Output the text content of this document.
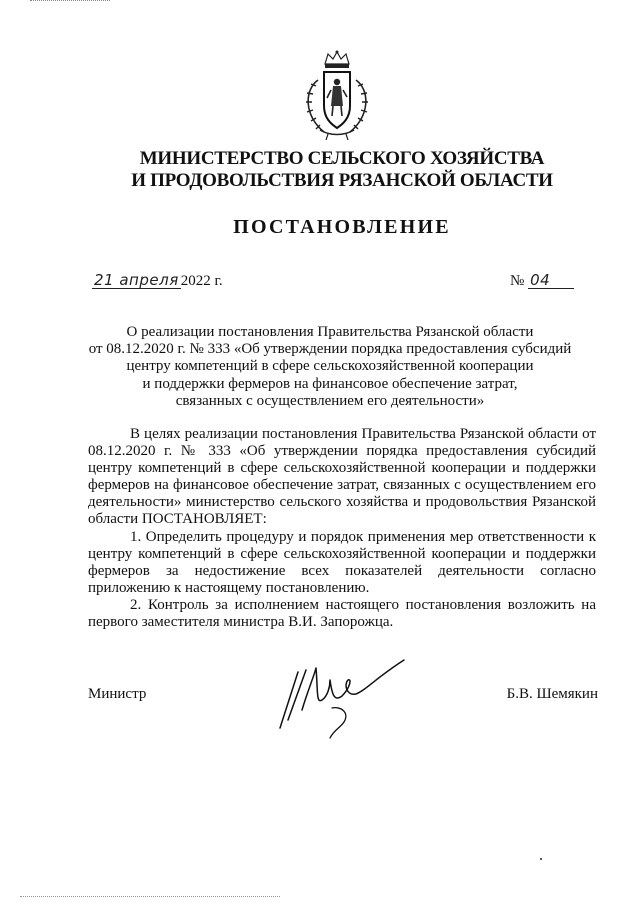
МИНИСТЕРСТВО СЕЛЬСКОГО ХОЗЯЙСТВА
И ПРОДОВОЛЬСТВИЯ РЯЗАНСКОЙ ОБЛАСТИ
ПОСТАНОВЛЕНИЕ
21 апреля 2022 г.	№ 04
О реализации постановления Правительства Рязанской области
от 08.12.2020 г. № 333 «Об утверждении порядка предоставления субсидий
центру компетенций в сфере сельскохозяйственной кооперации
и поддержки фермеров на финансовое обеспечение затрат,
связанных с осуществлением его деятельности»

В целях реализации постановления Правительства Рязанской области от 08.12.2020 г. № 333 «Об утверждении порядка предоставления субсидий центру компетенций в сфере сельскохозяйственной кооперации и поддержки фермеров на финансовое обеспечение затрат, связанных с осуществлением его деятельности» министерство сельского хозяйства и продовольствия Рязанской области ПОСТАНОВЛЯЕТ:

1. Определить процедуру и порядок применения мер ответственности к центру компетенций в сфере сельскохозяйственной кооперации и поддержки фермеров за недостижение всех показателей деятельности согласно приложению к настоящему постановлению.

2. Контроль за исполнением настоящего постановления возложить на первого заместителя министра В.И. Запорожца.

Министр	Б.В. Шемякин
